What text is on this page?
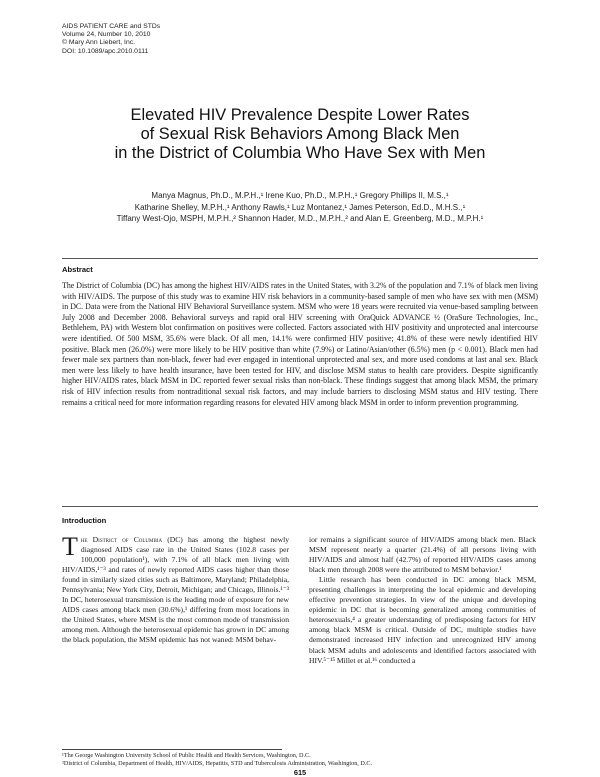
AIDS PATIENT CARE and STDs
Volume 24, Number 10, 2010
© Mary Ann Liebert, Inc.
DOI: 10.1089/apc.2010.0111
Elevated HIV Prevalence Despite Lower Rates
of Sexual Risk Behaviors Among Black Men
in the District of Columbia Who Have Sex with Men
Manya Magnus, Ph.D., M.P.H.,¹ Irene Kuo, Ph.D., M.P.H.,¹ Gregory Phillips II, M.S.,¹
Katharine Shelley, M.P.H.,¹ Anthony Rawls,¹ Luz Montanez,¹ James Peterson, Ed.D., M.H.S.,¹
Tiffany West-Ojo, MSPH, M.P.H.,² Shannon Hader, M.D., M.P.H.,² and Alan E. Greenberg, M.D., M.P.H.¹
Abstract
The District of Columbia (DC) has among the highest HIV/AIDS rates in the United States, with 3.2% of the population and 7.1% of black men living with HIV/AIDS. The purpose of this study was to examine HIV risk behaviors in a community-based sample of men who have sex with men (MSM) in DC. Data were from the National HIV Behavioral Surveillance system. MSM who were 18 years were recruited via venue-based sampling between July 2008 and December 2008. Behavioral surveys and rapid oral HIV screening with OraQuick ADVANCE ½ (OraSure Technologies, Inc., Bethlehem, PA) with Western blot confirmation on positives were collected. Factors associated with HIV positivity and unprotected anal intercourse were identified. Of 500 MSM, 35.6% were black. Of all men, 14.1% were confirmed HIV positive; 41.8% of these were newly identified HIV positive. Black men (26.0%) were more likely to be HIV positive than white (7.9%) or Latino/Asian/other (6.5%) men (p < 0.001). Black men had fewer male sex partners than non-black, fewer had ever engaged in intentional unprotected anal sex, and more used condoms at last anal sex. Black men were less likely to have health insurance, have been tested for HIV, and disclose MSM status to health care providers. Despite significantly higher HIV/AIDS rates, black MSM in DC reported fewer sexual risks than non-black. These findings suggest that among black MSM, the primary risk of HIV infection results from nontraditional sexual risk factors, and may include barriers to disclosing MSM status and HIV testing. There remains a critical need for more information regarding reasons for elevated HIV among black MSM in order to inform prevention programming.
Introduction

The District of Columbia (DC) has among the highest newly diagnosed AIDS case rate in the United States (102.8 cases per 100,000 population¹), with 7.1% of all black men living with HIV/AIDS,¹⁻³ and rates of newly reported AIDS cases higher than those found in similarly sized cities such as Baltimore, Maryland; Philadelphia, Pennsylvania; New York City, Detroit, Michigan; and Chicago, Illinois.¹⁻³ In DC, heterosexual transmission is the leading mode of exposure for new AIDS cases among black men (30.6%),¹ differing from most locations in the United States, where MSM is the most common mode of transmission among men. Although the heterosexual epidemic has grown in DC among the black population, the MSM epidemic has not waned: MSM behav-

ior remains a significant source of HIV/AIDS among black men. Black MSM represent nearly a quarter (21.4%) of all persons living with HIV/AIDS and almost half (42.7%) of reported HIV/AIDS cases among black men through 2008 were the attributed to MSM behavior.¹

Little research has been conducted in DC among black MSM, presenting challenges in interpreting the local epidemic and developing effective prevention strategies. In view of the unique and developing epidemic in DC that is becoming generalized among communities of heterosexuals,⁴ a greater understanding of predisposing factors for HIV among black MSM is critical. Outside of DC, multiple studies have demonstrated increased HIV infection and unrecognized HIV among black MSM adults and adolescents and identified factors associated with HIV.⁵⁻¹⁵ Millet et al.¹⁶ conducted a

¹The George Washington University School of Public Health and Health Services, Washington, D.C.
²District of Columbia, Department of Health, HIV/AIDS, Hepatitis, STD and Tuberculosis Administration, Washington, D.C.
615
